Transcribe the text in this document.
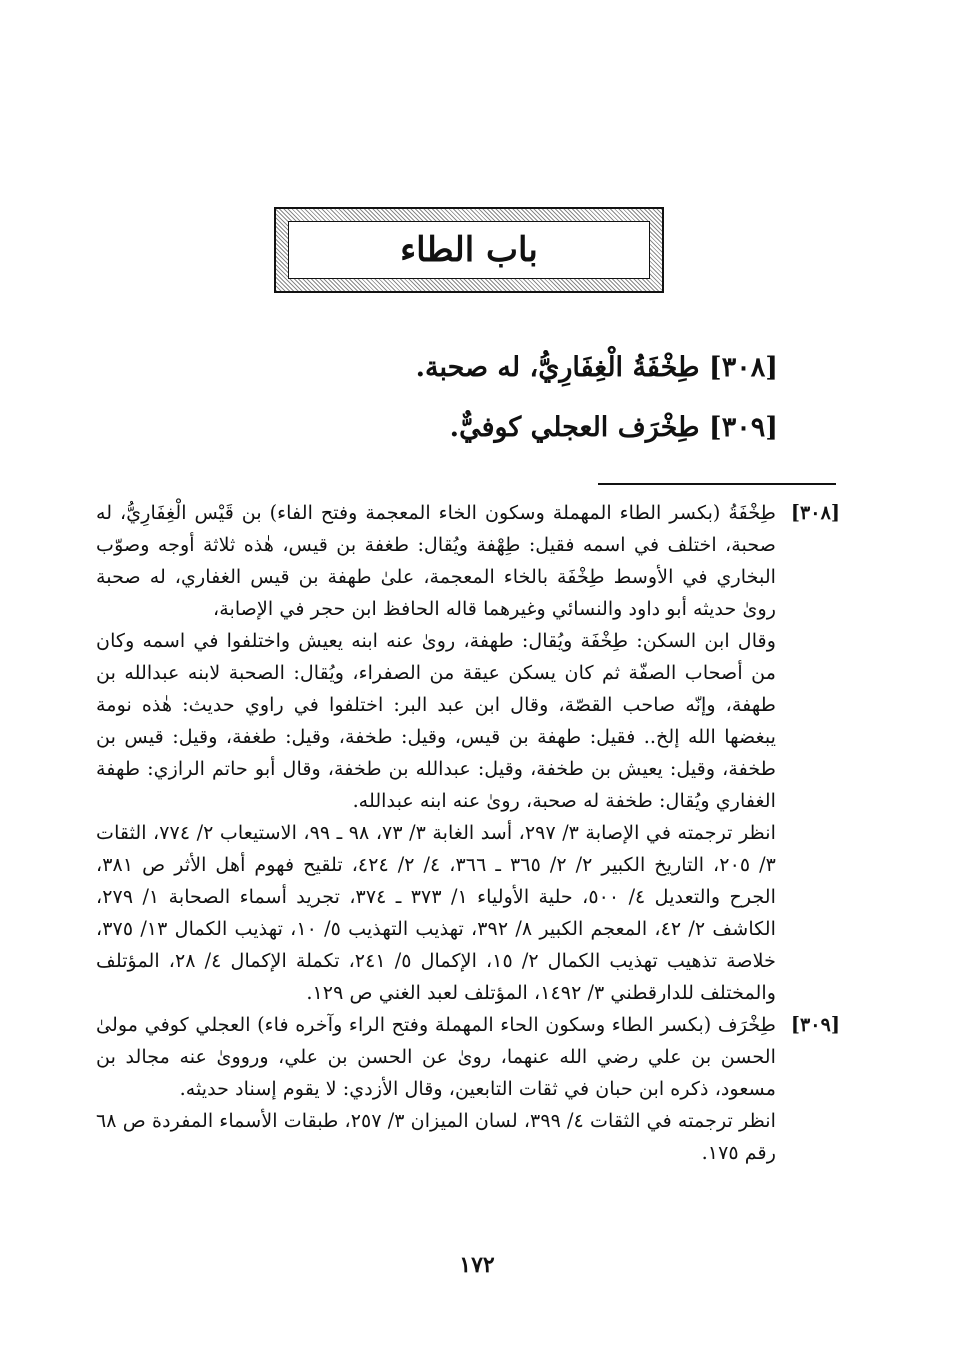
باب الطاء
[٣٠٨] طِخْفَةُ الْغِفَارِيُّ، له صحبة.
[٣٠٩] طِخْرَف العجلي كوفيٌّ.
[٣٠٨]

طِخْفَةُ (بكسر الطاء المهملة وسكون الخاء المعجمة وفتح الفاء) بن قَيْس الْغِفَارِيُّ، له صحبة، اختلف في اسمه فقيل: طِهْفة ويُقال: طغفة بن قيس، هٰذه ثلاثة أوجه وصوّب البخاري في الأوسط طِخْفَة بالخاء المعجمة، علىٰ طهفة بن قيس الغفاري، له صحبة روىٰ حديثه أبو داود والنسائي وغيرهما قاله الحافظ ابن حجر في الإصابة،

وقال ابن السكن: طِخْفَة ويُقال: طهفة، روىٰ عنه ابنه يعيش واختلفوا في اسمه وكان من أصحاب الصفّة ثم كان يسكن عيقة من الصفراء، ويُقال: الصحبة لابنه عبدالله بن طهفة، وإنّه صاحب القصّة، وقال ابن عبد البر: اختلفوا في راوي حديث: هٰذه نومة يبغضها الله إلخ.. فقيل: طهفة بن قيس، وقيل: طخفة، وقيل: طغفة، وقيل: قيس بن طخفة، وقيل: يعيش بن طخفة، وقيل: عبدالله بن طخفة، وقال أبو حاتم الرازي: طهفة الغفاري ويُقال: طخفة له صحبة، روىٰ عنه ابنه عبدالله.

انظر ترجمته في الإصابة ٣/ ٢٩٧، أسد الغابة ٣/ ٧٣، ٩٨ ـ ٩٩، الاستيعاب ٢/ ٧٧٤، الثقات ٣/ ٢٠٥، التاريخ الكبير ٢/ ٢/ ٣٦٥ ـ ٣٦٦، ٤/ ٢/ ٤٢٤، تلقيح فهوم أهل الأثر ص ٣٨١، الجرح والتعديل ٤/ ٥٠٠، حلية الأولياء ١/ ٣٧٣ ـ ٣٧٤، تجريد أسماء الصحابة ١/ ٢٧٩، الكاشف ٢/ ٤٢، المعجم الكبير ٨/ ٣٩٢، تهذيب التهذيب ٥/ ١٠، تهذيب الكمال ١٣/ ٣٧٥، خلاصة تذهيب تهذيب الكمال ٢/ ١٥، الإكمال ٥/ ٢٤١، تكملة الإكمال ٤/ ٢٨، المؤتلف والمختلف للدارقطني ٣/ ١٤٩٢، المؤتلف لعبد الغني ص ١٢٩.

[٣٠٩]

طِخْرَف (بكسر الطاء وسكون الحاء المهملة وفتح الراء وآخره فاء) العجلي كوفي مولىٰ الحسن بن علي رضي الله عنهما، روىٰ عن الحسن بن علي، ورووىٰ عنه مجالد بن مسعود، ذكره ابن حبان في ثقات التابعين، وقال الأزدي: لا يقوم إسناد حديثه.

انظر ترجمته في الثقات ٤/ ٣٩٩، لسان الميزان ٣/ ٢٥٧، طبقات الأسماء المفردة ص ٦٨ رقم ١٧٥.

١٧٢
